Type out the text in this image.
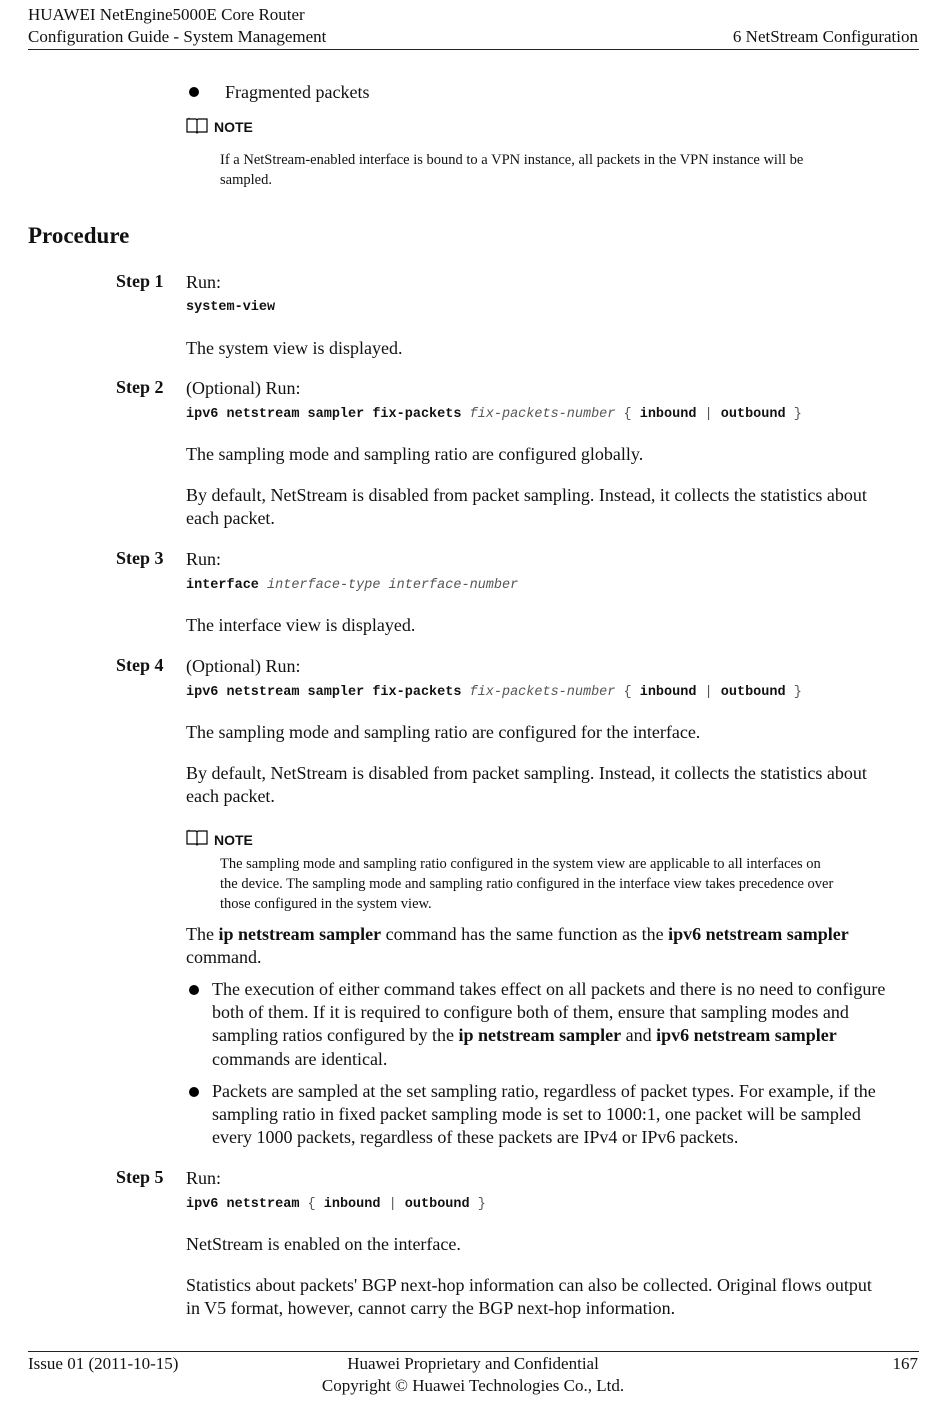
HUAWEI NetEngine5000E Core Router
Configuration Guide - System Management	6 NetStream Configuration
Fragmented packets
NOTE
If a NetStream-enabled interface is bound to a VPN instance, all packets in the VPN instance will be
sampled.
Procedure
Step 1 Run:
system-view
The system view is displayed.
Step 2 (Optional) Run:
ipv6 netstream sampler fix-packets fix-packets-number { inbound | outbound }
The sampling mode and sampling ratio are configured globally.
By default, NetStream is disabled from packet sampling. Instead, it collects the statistics about
each packet.
Step 3 Run:
interface interface-type interface-number
The interface view is displayed.
Step 4 (Optional) Run:
ipv6 netstream sampler fix-packets fix-packets-number { inbound | outbound }
The sampling mode and sampling ratio are configured for the interface.
By default, NetStream is disabled from packet sampling. Instead, it collects the statistics about
each packet.
NOTE
The sampling mode and sampling ratio configured in the system view are applicable to all interfaces on
the device. The sampling mode and sampling ratio configured in the interface view takes precedence over
those configured in the system view.
The ip netstream sampler command has the same function as the ipv6 netstream sampler
command.
The execution of either command takes effect on all packets and there is no need to configure
both of them. If it is required to configure both of them, ensure that sampling modes and
sampling ratios configured by the ip netstream sampler and ipv6 netstream sampler
commands are identical.
Packets are sampled at the set sampling ratio, regardless of packet types. For example, if the
sampling ratio in fixed packet sampling mode is set to 1000:1, one packet will be sampled
every 1000 packets, regardless of these packets are IPv4 or IPv6 packets.
Step 5 Run:
ipv6 netstream { inbound | outbound }
NetStream is enabled on the interface.
Statistics about packets' BGP next-hop information can also be collected. Original flows output
in V5 format, however, cannot carry the BGP next-hop information.
Issue 01 (2011-10-15)	Huawei Proprietary and Confidential
Copyright © Huawei Technologies Co., Ltd.
167
